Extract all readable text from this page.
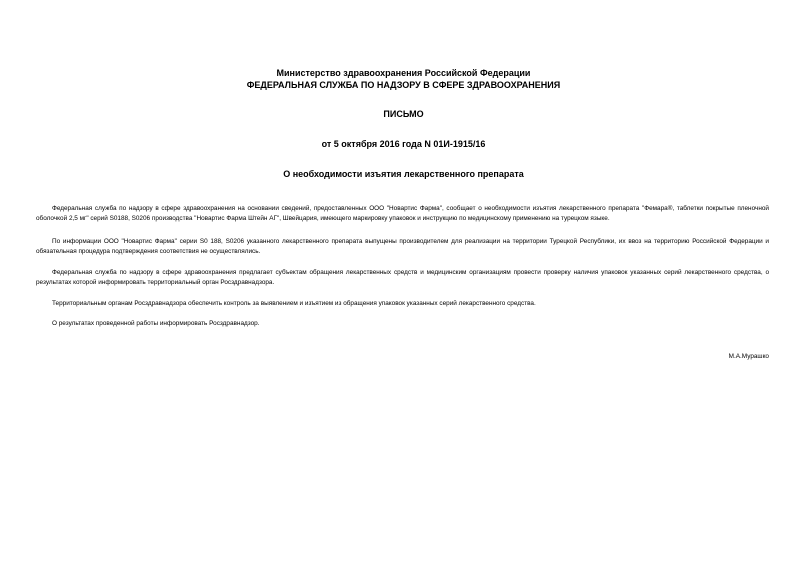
Министерство здравоохранения Российской Федерации
ФЕДЕРАЛЬНАЯ СЛУЖБА ПО НАДЗОРУ В СФЕРЕ ЗДРАВООХРАНЕНИЯ
ПИСЬМО
от 5 октября 2016 года N 01И-1915/16
О необходимости изъятия лекарственного препарата

Федеральная служба по надзору в сфере здравоохранения на основании сведений, предоставленных ООО "Новартис Фарма", сообщает о необходимости изъятия лекарственного препарата "Фемара®, таблетки покрытые пленочной оболочкой 2,5 мг" серий S0188, S0206 производства "Новартис Фарма Штейн АГ", Швейцария, имеющего маркировку упаковок и инструкцию по медицинскому применению на турецком языке.

По информации ООО "Новартис Фарма" серии S0 188, S0206 указанного лекарственного препарата выпущены производителем для реализации на территории Турецкой Республики, их ввоз на территорию Российской Федерации и обязательная процедура подтверждения соответствия не осуществлялись.

Федеральная служба по надзору в сфере здравоохранения предлагает субъектам обращения лекарственных средств и медицинским организациям провести проверку наличия упаковок указанных серий лекарственного средства, о результатах которой информировать территориальный орган Росздравнадзора.

Территориальным органам Росздравнадзора обеспечить контроль за выявлением и изъятием из обращения упаковок указанных серий лекарственного средства.

О результатах проведенной работы информировать Росздравнадзор.

М.А.Мурашко
